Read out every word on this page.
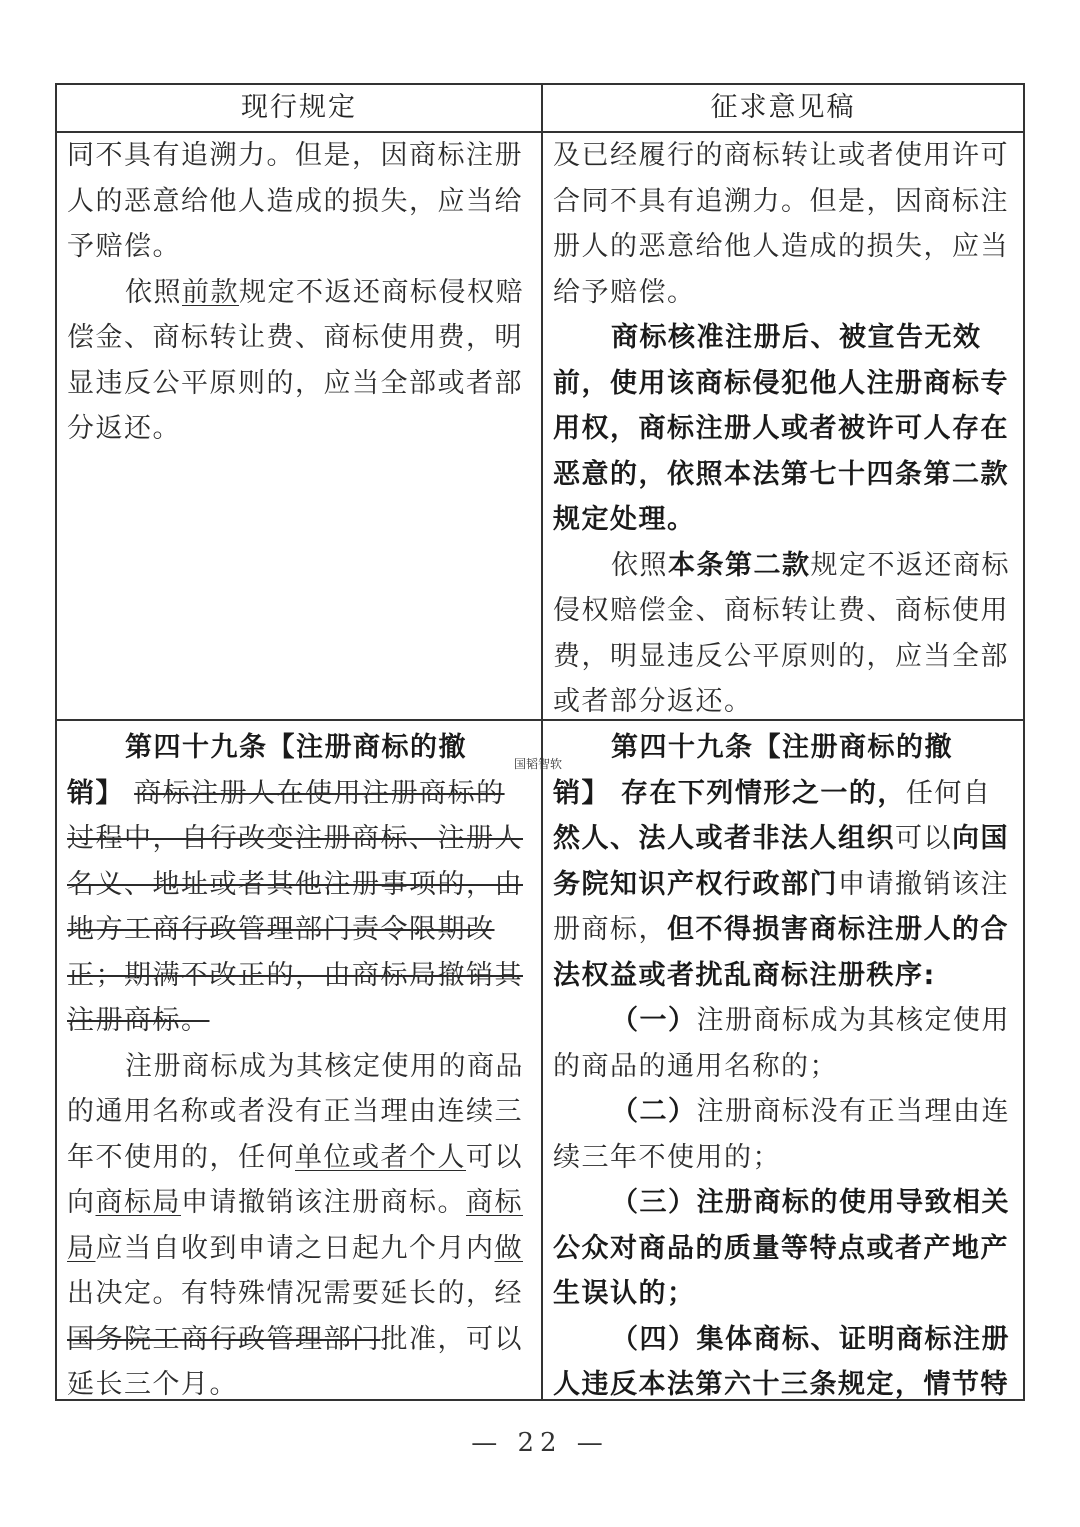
现行规定	征求意见稿

同不具有追溯力。但是，因商标注册

人的恶意给他人造成的损失，应当给

予赔偿。

依照前款规定不返还商标侵权赔

偿金、商标转让费、商标使用费，明

显违反公平原则的，应当全部或者部

分返还。

及已经履行的商标转让或者使用许可

合同不具有追溯力。但是，因商标注

册人的恶意给他人造成的损失，应当

给予赔偿。

商标核准注册后、被宣告无效

前，使用该商标侵犯他人注册商标专

用权，商标注册人或者被许可人存在

恶意的，依照本法第七十四条第二款

规定处理。

依照本条第二款规定不返还商标

侵权赔偿金、商标转让费、商标使用

费，明显违反公平原则的，应当全部

或者部分返还。

第四十九条【注册商标的撤

销】 商标注册人在使用注册商标的

过程中，自行改变注册商标、注册人

名义、地址或者其他注册事项的，由

地方工商行政管理部门责令限期改

正；期满不改正的，由商标局撤销其

注册商标。

注册商标成为其核定使用的商品

的通用名称或者没有正当理由连续三

年不使用的，任何单位或者个人可以

向商标局申请撤销该注册商标。商标

局应当自收到申请之日起九个月内做

出决定。有特殊情况需要延长的，经

国务院工商行政管理部门批准，可以

延长三个月。

第四十九条【注册商标的撤

销】 存在下列情形之一的，任何自

然人、法人或者非法人组织可以向国

务院知识产权行政部门申请撤销该注

册商标，但不得损害商标注册人的合

法权益或者扰乱商标注册秩序:

（一）注册商标成为其核定使用

的商品的通用名称的；

（二）注册商标没有正当理由连

续三年不使用的；

（三）注册商标的使用导致相关

公众对商品的质量等特点或者产地产

生误认的；

（四）集体商标、证明商标注册

人违反本法第六十三条规定，情节特

国韬智软
— 22 —
